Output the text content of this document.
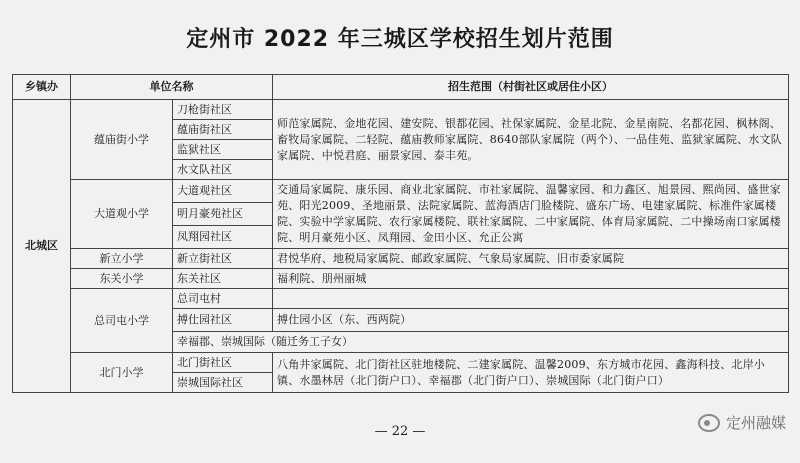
定州市 2022 年三城区学校招生划片范围
乡镇办	单位名称		招生范围（村街社区或居住小区）
北城区	蕴庙街小学	刀枪街社区	师范家属院、金地花园、建安院、银都花园、社保家属院、金星北院、金星南院、名都花园、枫林阁、畜牧局家属院、二轻院、蕴庙教师家属院、8640部队家属院（两个）、一品佳苑、监狱家属院、水文队家属院、中悦君庭、丽景家园、泰丰苑。
		蕴庙街社区	
		监狱社区	
		水文队社区	
	大道观小学	大道观社区	交通局家属院、康乐园、商业北家属院、市社家属院、温馨家园、和力鑫区、旭景园、熙尚园、盛世家苑、阳光2009、圣地丽景、法院家属院、蓝海酒店门脸楼院、盛东广场、电建家属院、标准件家属楼院、实验中学家属院、农行家属楼院、联社家属院、二中家属院、体育局家属院、二中操场南口家属楼院、明月豪苑小区、凤翔园、金田小区、允正公寓
		明月豪苑社区	
		凤翔园社区	
	新立小学	新立街社区	君悦华府、地税局家属院、邮政家属院、气象局家属院、旧市委家属院
	东关小学	东关社区	福利院、朋州丽城
	总司屯小学	总司屯村	
		搏仕园社区	搏仕园小区（东、西两院）
		幸福郡、崇城国际（随迁务工子女）	
	北门小学	北门街社区	八角井家属院、北门街社区驻地楼院、二建家属院、温馨2009、东方城市花园、鑫海科技、北岸小镇、水墨林居（北门街户口）、幸福郡（北门街户口）、崇城国际（北门街户口）
		崇城国际社区	
— 22 —	定州融媒
